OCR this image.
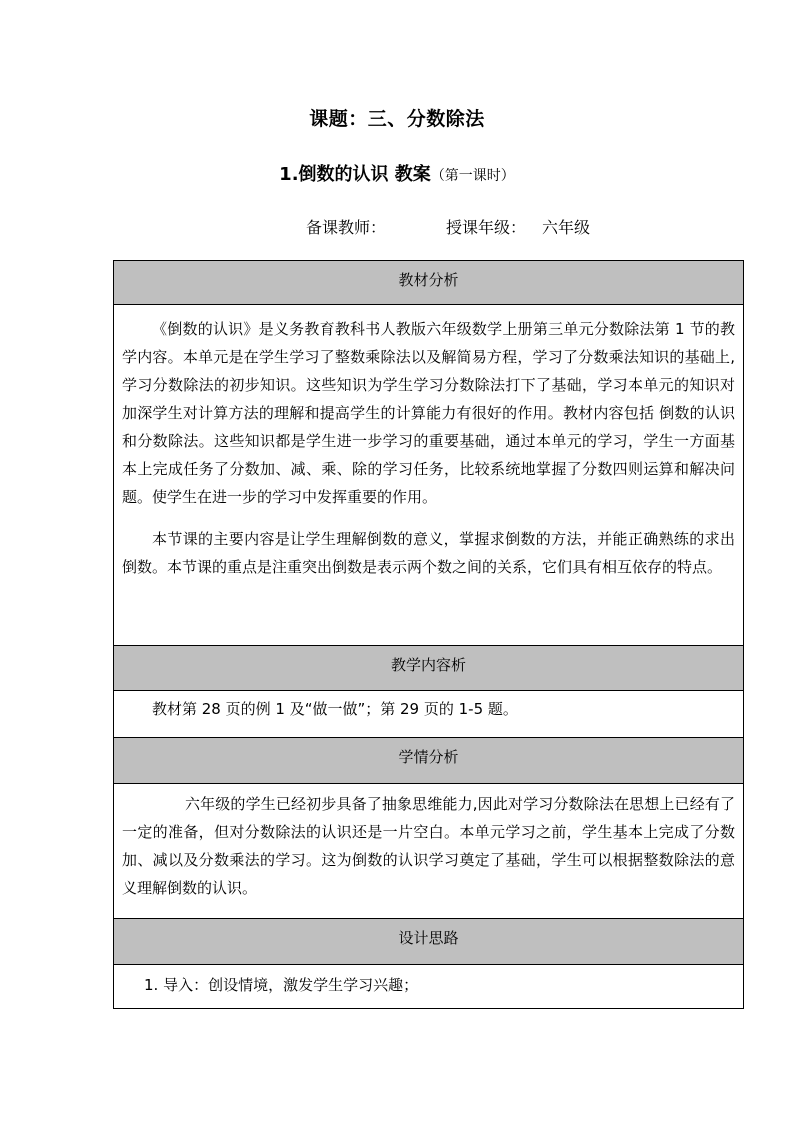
课题：三、分数除法
1.倒数的认识 教案（第一课时）
备课教师：	授课年级： 六年级
教材分析

《倒数的认识》是义务教育教科书人教版六年级数学上册第三单元分数除法第 1 节的教学内容。本单元是在学生学习了整数乘除法以及解简易方程，学习了分数乘法知识的基础上,学习分数除法的初步知识。这些知识为学生学习分数除法打下了基础，学习本单元的知识对加深学生对计算方法的理解和提高学生的计算能力有很好的作用。教材内容包括 倒数的认识和分数除法。这些知识都是学生进一步学习的重要基础，通过本单元的学习，学生一方面基本上完成任务了分数加、减、乘、除的学习任务，比较系统地掌握了分数四则运算和解决问题。使学生在进一步的学习中发挥重要的作用。

本节课的主要内容是让学生理解倒数的意义，掌握求倒数的方法，并能正确熟练的求出倒数。本节课的重点是注重突出倒数是表示两个数之间的关系，它们具有相互依存的特点。

教学内容析

教材第 28 页的例 1 及“做一做”；第 29 页的 1-5 题。

学情分析

六年级的学生已经初步具备了抽象思维能力,因此对学习分数除法在思想上已经有了一定的准备，但对分数除法的认识还是一片空白。本单元学习之前，学生基本上完成了分数加、减以及分数乘法的学习。这为倒数的认识学习奠定了基础，学生可以根据整数除法的意义理解倒数的认识。

设计思路
1. 导入：创设情境，激发学生学习兴趣；
